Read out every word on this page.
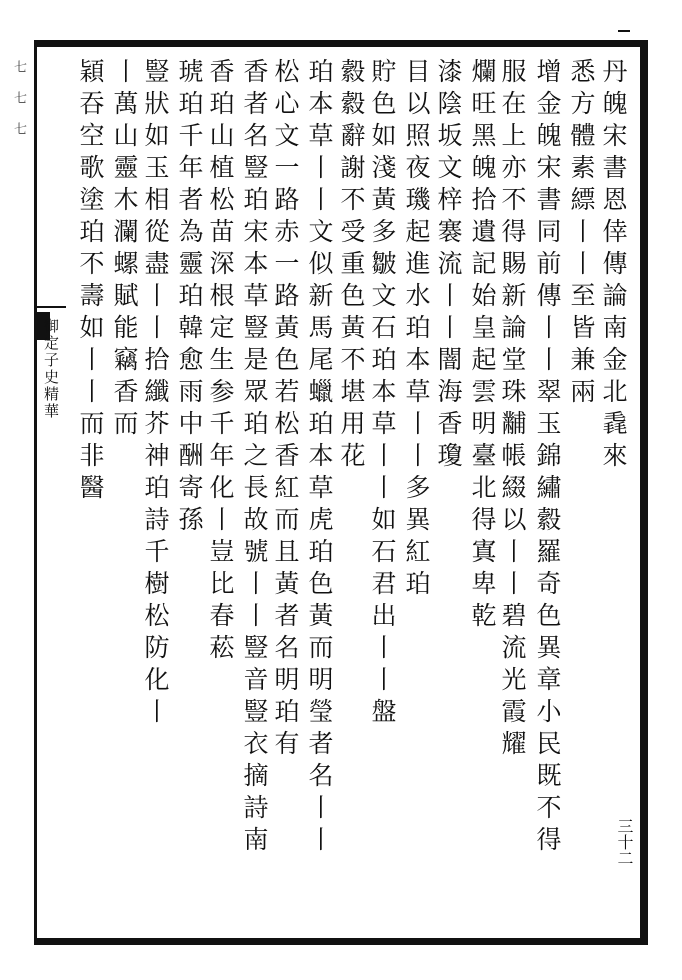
七七七
御定子史精華	丹魄宋書恩倖傳論南金北毳來
悉方體素縹丨丨至皆兼兩
增金魄宋書同前傳丨丨翠玉錦繡縠羅奇色異章小民既不得
服在上亦不得賜新論堂珠黼帳綴以丨丨碧流光霞耀
爛旺黑魄拾遺記始皇起雲明臺北得寘卑乾
漆陰坂文梓褰流丨丨闇海香瓊
目以照夜璣起進水珀本草丨丨多異紅珀
貯色如淺黃多皺文石珀本草丨丨如石君出丨丨盤
縠縠辭謝不受重色黃不堪用花
珀本草丨丨文似新馬尾蠟珀本草虎珀色黃而明瑩者名丨丨
松心文一路赤一路黃色若松香紅而且黃者名明珀有
香者名豎珀宋本草豎是眾珀之長故號丨丨豎音豎衣摘詩南
香珀山植松苗深根定生参千年化丨豈比春菘
琥珀千年者為靈珀韓愈雨中酬寄孫
豎狀如玉相從盡丨丨拾纖芥神珀詩千樹松防化丨
丨萬山靈木瀾螺賦能竊香而
穎吞空歌塗珀不壽如丨丨而非醫
三十二
